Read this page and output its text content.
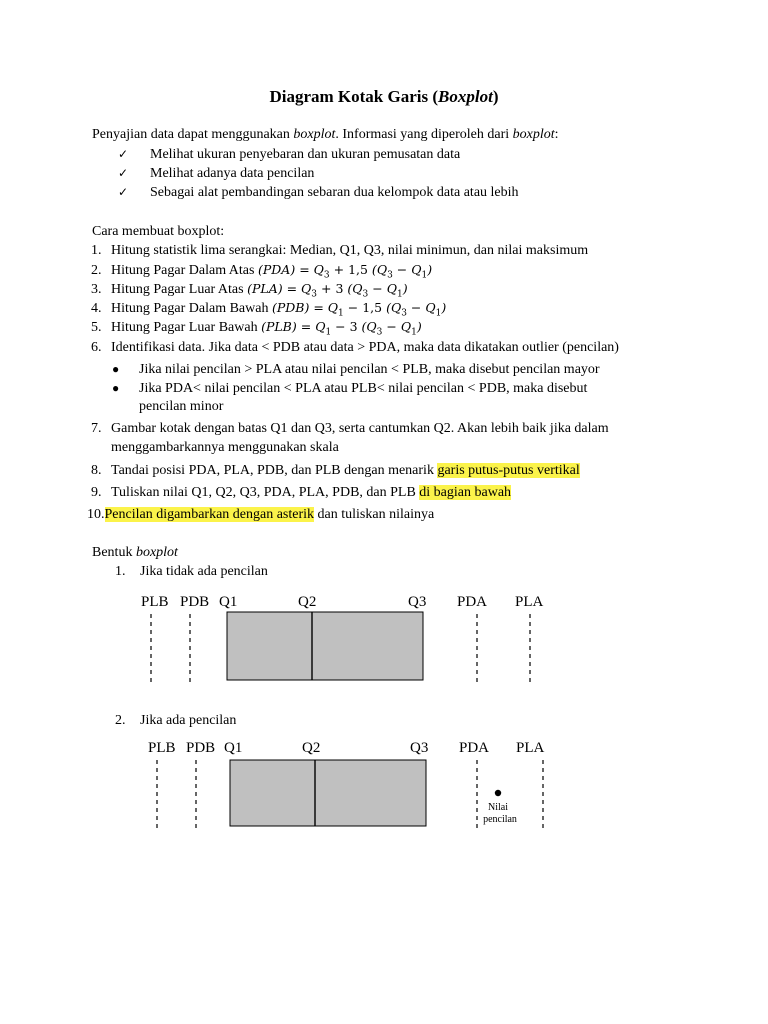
Diagram Kotak Garis (Boxplot)
Penyajian data dapat menggunakan boxplot. Informasi yang diperoleh dari boxplot:
✓ Melihat ukuran penyebaran dan ukuran pemusatan data
✓ Melihat adanya data pencilan
✓ Sebagai alat pembandingan sebaran dua kelompok data atau lebih
Cara membuat boxplot:
1. Hitung statistik lima serangkai: Median, Q1, Q3, nilai minimun, dan nilai maksimum
2. Hitung Pagar Dalam Atas $(PDA) = Q_3 + 1,5$ $(Q_3 - Q_1)$
3. Hitung Pagar Luar Atas $(PLA) = Q_3 + 3$ $(Q_3 - Q_1)$
4. Hitung Pagar Dalam Bawah $(PDB) = Q_1 - 1,5$ $(Q_3 - Q_1)$
5. Hitung Pagar Luar Bawah $(PLB) = Q_1 - 3$ $(Q_3 - Q_1)$
6. Identifikasi data. Jika data < PDB atau data > PDA, maka data dikatakan outlier (pencilan)
● Jika nilai pencilan > PLA atau nilai pencilan < PLB, maka disebut pencilan mayor
● Jika PDA< nilai pencilan < PLA atau PLB< nilai pencilan < PDB, maka disebut
pencilan minor
7. Gambar kotak dengan batas Q1 dan Q3, serta cantumkan Q2. Akan lebih baik jika dalam
menggambarkannya menggunakan skala
8. Tandai posisi PDA, PLA, PDB, dan PLB dengan menarik garis putus-putus vertikal
9. Tuliskan nilai Q1, Q2, Q3, PDA, PLA, PDB, dan PLB di bagian bawah
10.Pencilan digambarkan dengan asterik dan tuliskan nilainya
Bentuk boxplot
1. Jika tidak ada pencilan
2. Jika ada pencilan
PLB PDB Q1	Q2	Q3 PDA PLA
PLB PDB Q1	Q2	Q3 PDA PLA
Nilai
pencilan
